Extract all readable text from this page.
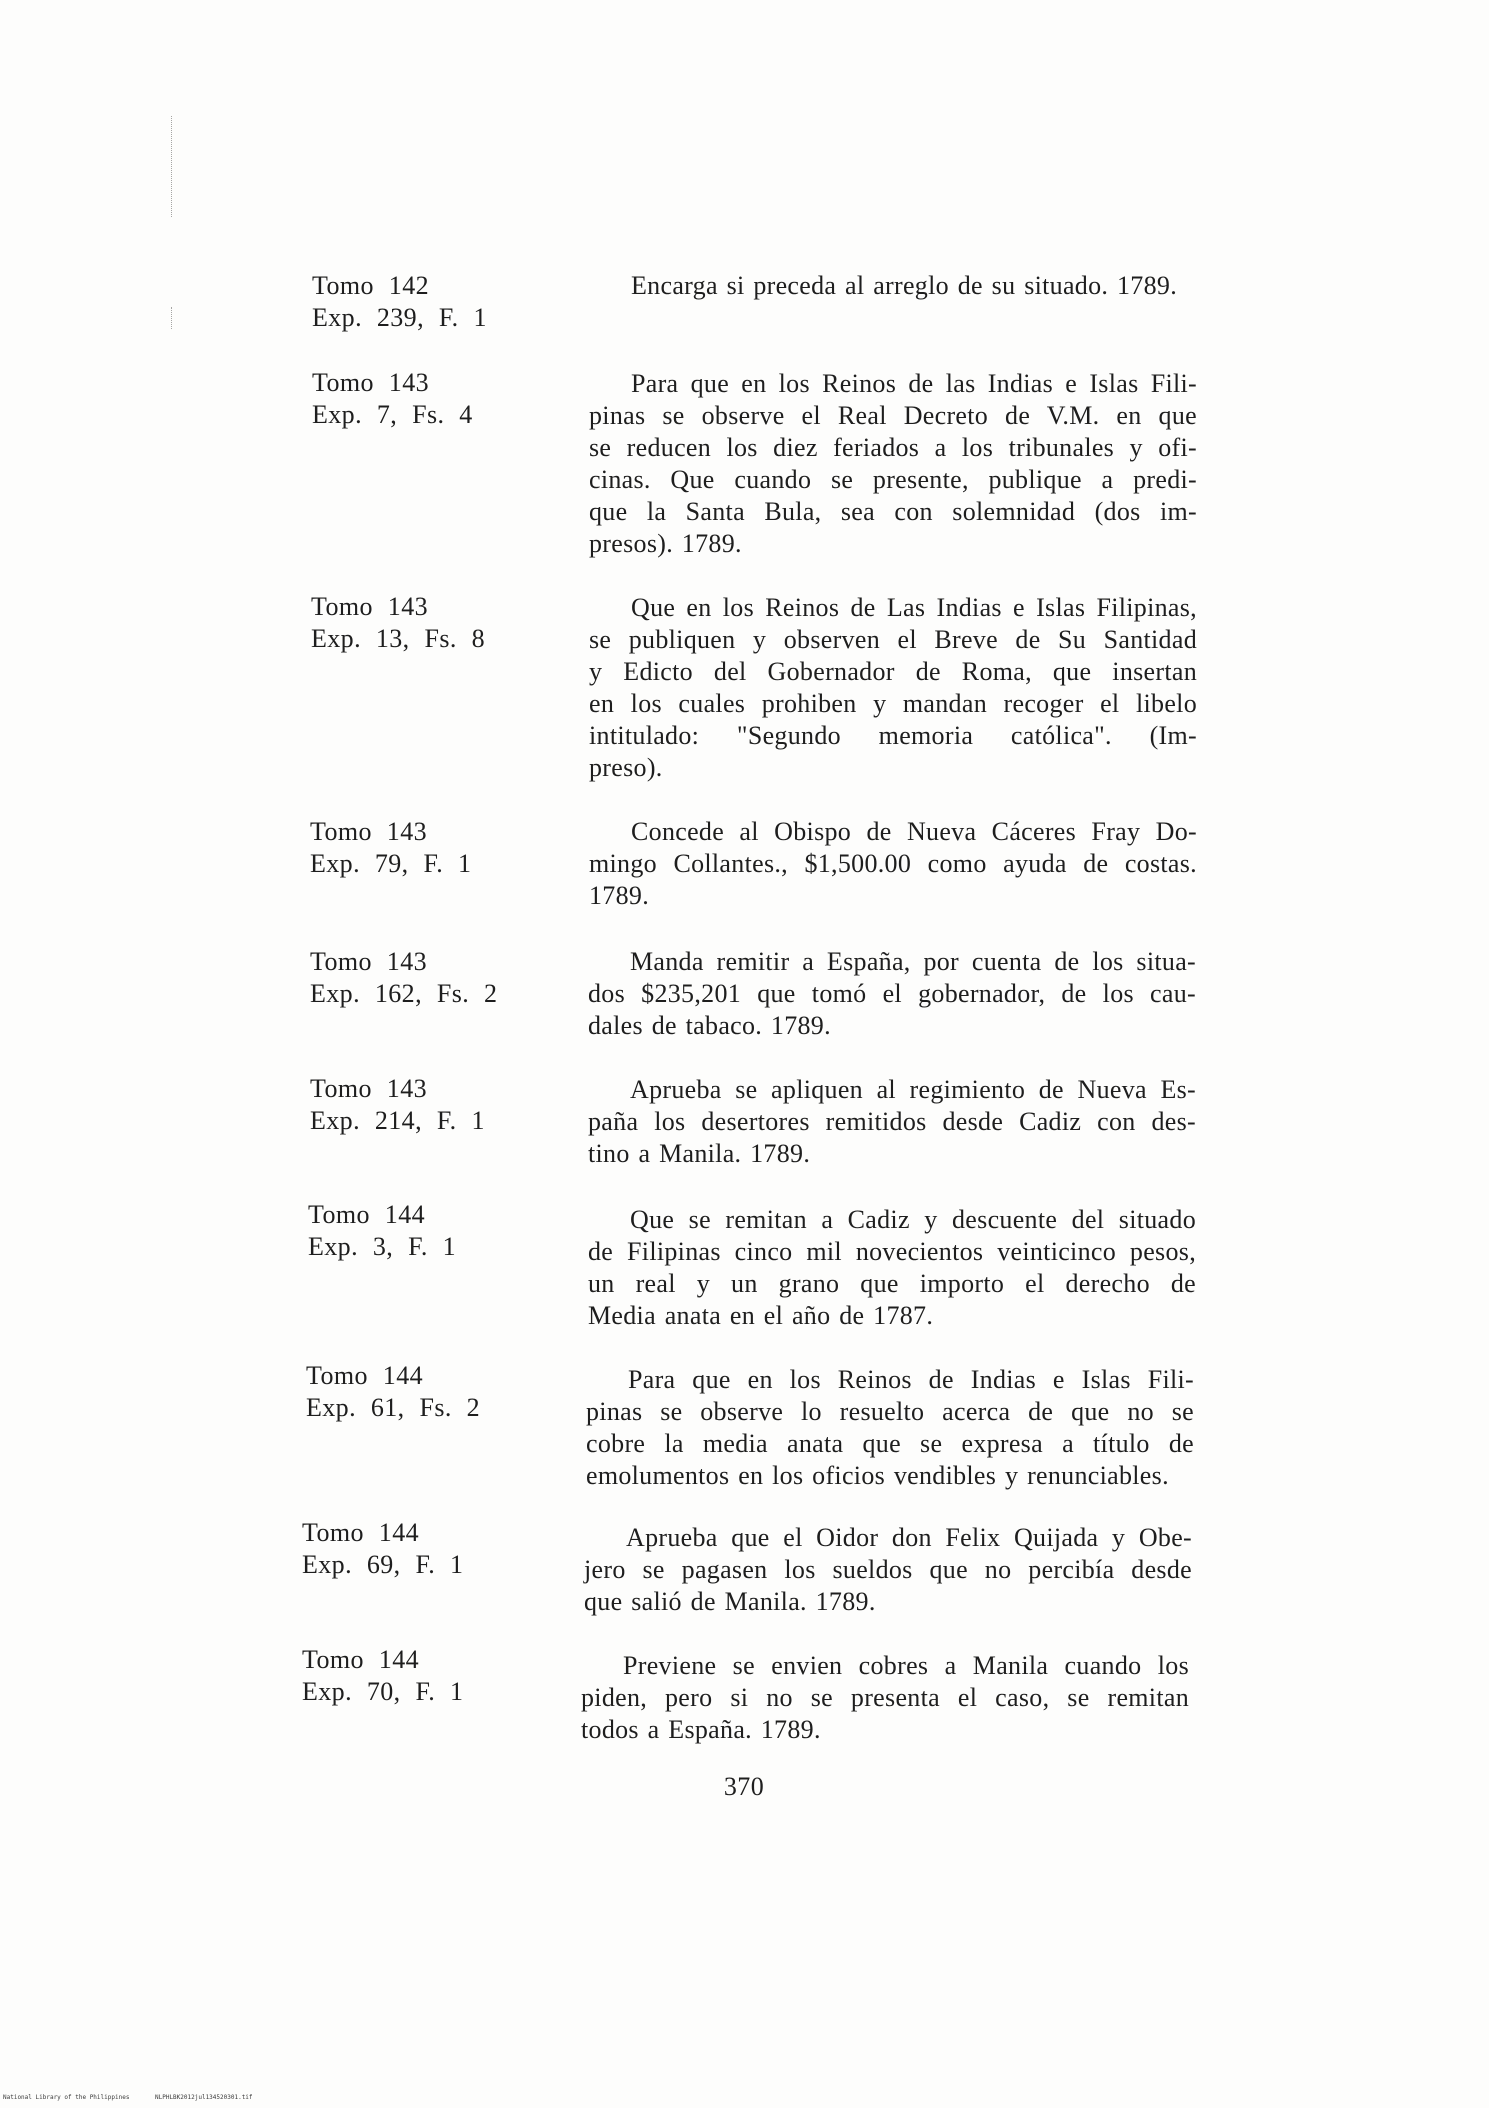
Tomo 142
Exp. 239, F. 1
Encarga si preceda al arreglo de su situado. 1789.
Tomo 143
Exp. 7, Fs. 4
Para que en los Reinos de las Indias e Islas Fili-
pinas se observe el Real Decreto de V.M. en que
se reducen los diez feriados a los tribunales y ofi-
cinas. Que cuando se presente, publique a predi-
que la Santa Bula, sea con solemnidad (dos im-
presos). 1789.
Tomo 143
Exp. 13, Fs. 8
Que en los Reinos de Las Indias e Islas Filipinas,
se publiquen y observen el Breve de Su Santidad
y Edicto del Gobernador de Roma, que insertan
en los cuales prohiben y mandan recoger el libelo
intitulado: "Segundo memoria católica". (Im-
preso).
Tomo 143
Exp. 79, F. 1
Concede al Obispo de Nueva Cáceres Fray Do-
mingo Collantes., $1,500.00 como ayuda de costas.
1789.
Tomo 143
Exp. 162, Fs. 2
Manda remitir a España, por cuenta de los situa-
dos $235,201 que tomó el gobernador, de los cau-
dales de tabaco. 1789.
Tomo 143
Exp. 214, F. 1
Aprueba se apliquen al regimiento de Nueva Es-
paña los desertores remitidos desde Cadiz con des-
tino a Manila. 1789.
Tomo 144
Exp. 3, F. 1
Que se remitan a Cadiz y descuente del situado
de Filipinas cinco mil novecientos veinticinco pesos,
un real y un grano que importo el derecho de
Media anata en el año de 1787.
Tomo 144
Exp. 61, Fs. 2
Para que en los Reinos de Indias e Islas Fili-
pinas se observe lo resuelto acerca de que no se
cobre la media anata que se expresa a título de
emolumentos en los oficios vendibles y renunciables.
Tomo 144
Exp. 69, F. 1
Aprueba que el Oidor don Felix Quijada y Obe-
jero se pagasen los sueldos que no percibía desde
que salió de Manila. 1789.
Tomo 144
Exp. 70, F. 1
Previene se envien cobres a Manila cuando los
piden, pero si no se presenta el caso, se remitan
todos a España. 1789.
370
National Library of the Philippines	NLPHLBK2012jul134520301.tif
